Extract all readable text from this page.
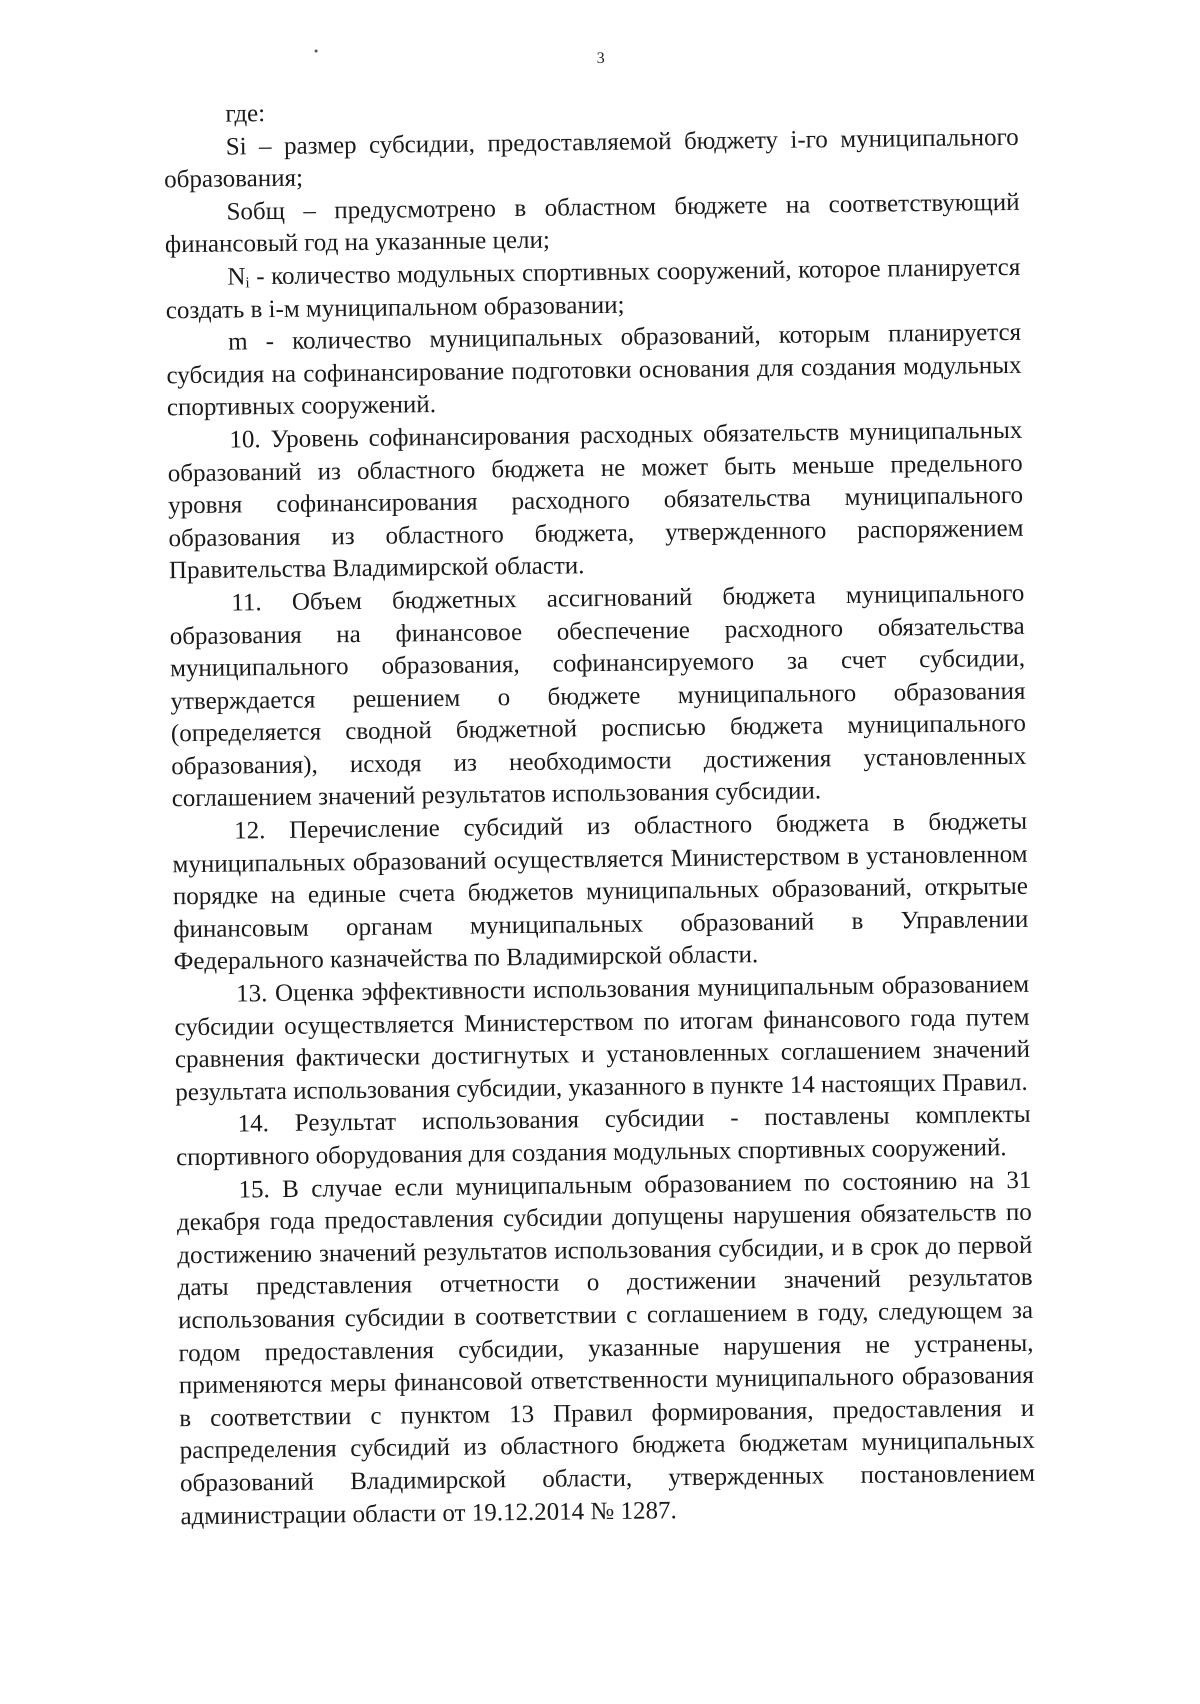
3

где:

Si – размер субсидии, предоставляемой бюджету i-го муниципального образования;

Sобщ – предусмотрено в областном бюджете на соответствующий финансовый год на указанные цели;

$N_i$ - количество модульных спортивных сооружений, которое планируется создать в i-м муниципальном образовании;

m - количество муниципальных образований, которым планируется субсидия на софинансирование подготовки основания для создания модульных спортивных сооружений.

10. Уровень софинансирования расходных обязательств муниципальных образований из областного бюджета не может быть меньше предельного уровня софинансирования расходного обязательства муниципального образования из областного бюджета, утвержденного распоряжением Правительства Владимирской области.

11. Объем бюджетных ассигнований бюджета муниципального образования на финансовое обеспечение расходного обязательства муниципального образования, софинансируемого за счет субсидии, утверждается решением о бюджете муниципального образования (определяется сводной бюджетной росписью бюджета муниципального образования), исходя из необходимости достижения установленных соглашением значений результатов использования субсидии.

12. Перечисление субсидий из областного бюджета в бюджеты муниципальных образований осуществляется Министерством в установленном порядке на единые счета бюджетов муниципальных образований, открытые финансовым органам муниципальных образований в Управлении Федерального казначейства по Владимирской области.

13. Оценка эффективности использования муниципальным образованием субсидии осуществляется Министерством по итогам финансового года путем сравнения фактически достигнутых и установленных соглашением значений результата использования субсидии, указанного в пункте 14 настоящих Правил.

14. Результат использования субсидии - поставлены комплекты спортивного оборудования для создания модульных спортивных сооружений.

15. В случае если муниципальным образованием по состоянию на 31 декабря года предоставления субсидии допущены нарушения обязательств по достижению значений результатов использования субсидии, и в срок до первой даты представления отчетности о достижении значений результатов использования субсидии в соответствии с соглашением в году, следующем за годом предоставления субсидии, указанные нарушения не устранены, применяются меры финансовой ответственности муниципального образования в соответствии с пунктом 13 Правил формирования, предоставления и распределения субсидий из областного бюджета бюджетам муниципальных образований Владимирской области, утвержденных постановлением администрации области от 19.12.2014 № 1287.
